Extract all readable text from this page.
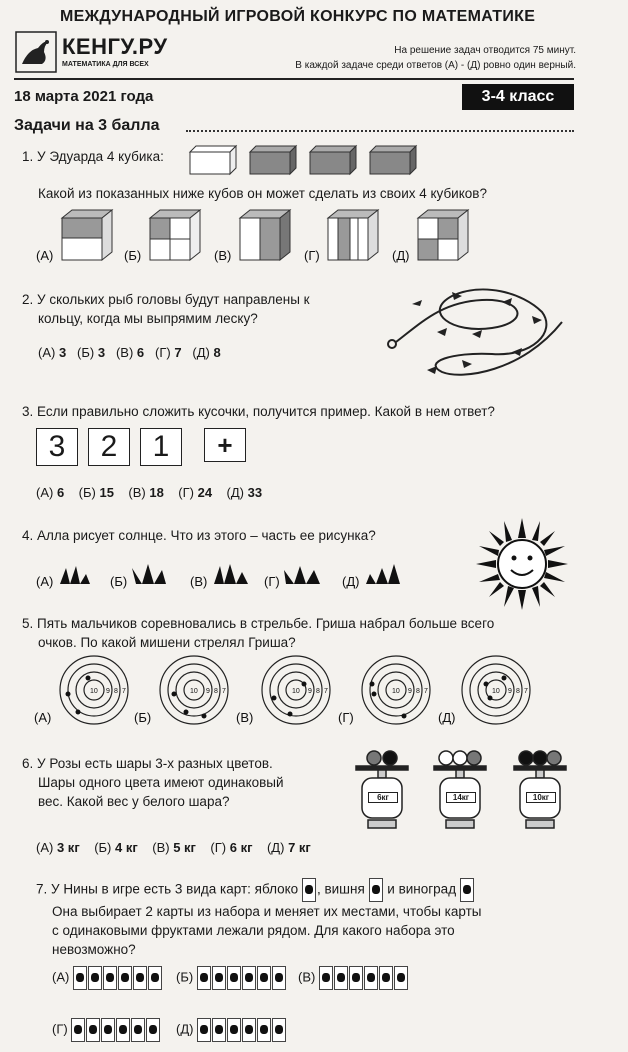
МЕЖДУНАРОДНЫЙ ИГРОВОЙ КОНКУРС ПО МАТЕМАТИКЕ
КЕНГУ.РУ
МАТЕМАТИКА ДЛЯ ВСЕХ
На решение задач отводится 75 минут.
В каждой задаче среди ответов (А) - (Д) ровно один верный.
18 марта 2021 года	3-4 класс
Задачи на 3 балла
1. У Эдуарда 4 кубика:
Какой из показанных ниже кубов он может сделать из своих 4 кубиков?
(А)	(Б)	(В)	(Г)	(Д)
2. У скольких рыб головы будут направлены к
кольцу, когда мы выпрямим леску?
(А) 3 (Б) 3 (В) 6 (Г) 7 (Д) 8
3. Если правильно сложить кусочки, получится пример. Какой в нем ответ?
3	2	1	+
(А) 6 (Б) 15 (В) 18 (Г) 24 (Д) 33
4. Алла рисует солнце. Что из этого – часть ее рисунка?
(А)	(Б)	(В)	(Г)	(Д)
5. Пять мальчиков соревновались в стрельбе. Гриша набрал больше всего
очков. По какой мишени стрелял Гриша?
(А)	(Б)	(В)	(Г)	(Д)
10 9 8 7	10 9 8 7	10 9 8 7	10 9 8 7	10 9 8 7
6. У Розы есть шары 3-х разных цветов.
Шары одного цвета имеют одинаковый
вес. Какой вес у белого шара?	6кг	14кг	10кг
(А) 3 кг (Б) 4 кг (В) 5 кг (Г) 6 кг (Д) 7 кг
7. У Нины в игре есть 3 вида карт: яблоко , вишня и виноград
Она выбирает 2 карты из набора и меняет их местами, чтобы карты
с одинаковыми фруктами лежали рядом. Для какого набора это
невозможно?
(А)	(Б)	(В)
(Г)	(Д)
